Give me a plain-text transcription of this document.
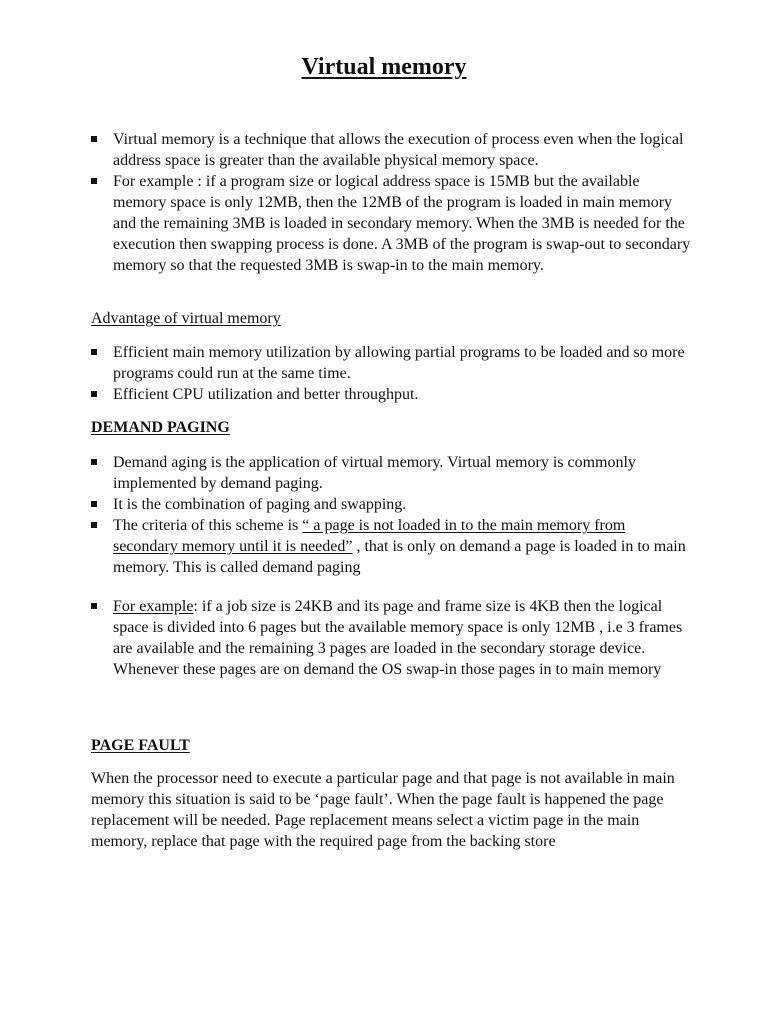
Virtual memory
Virtual memory is a technique that allows the execution of process even when the logical address space is greater than the available physical memory space.
For example : if a program size or logical address space is 15MB but the available memory space is only 12MB, then the 12MB of the program is loaded in main memory and the remaining 3MB is loaded in secondary memory. When the 3MB is needed for the execution then swapping process is done. A 3MB of the program is swap-out to secondary memory so that the requested 3MB is swap-in to the main memory.
Advantage of virtual memory
Efficient main memory utilization by allowing partial programs to be loaded and so more programs could run at the same time.
Efficient CPU utilization and better throughput.
DEMAND PAGING
Demand aging is the application of virtual memory. Virtual memory is commonly implemented by demand paging.
It is the combination of paging and swapping.
The criteria of this scheme is “ a page is not loaded in to the main memory from secondary memory until it is needed” , that is only on demand a page is loaded in to main memory. This is called demand paging
For example: if a job size is 24KB and its page and frame size is 4KB then the logical space is divided into 6 pages but the available memory space is only 12MB , i.e 3 frames are available and the remaining 3 pages are loaded in the secondary storage device. Whenever these pages are on demand the OS swap-in those pages in to main memory
PAGE FAULT

When the processor need to execute a particular page and that page is not available in main memory this situation is said to be ‘page fault’. When the page fault is happened the page replacement will be needed. Page replacement means select a victim page in the main memory, replace that page with the required page from the backing store
